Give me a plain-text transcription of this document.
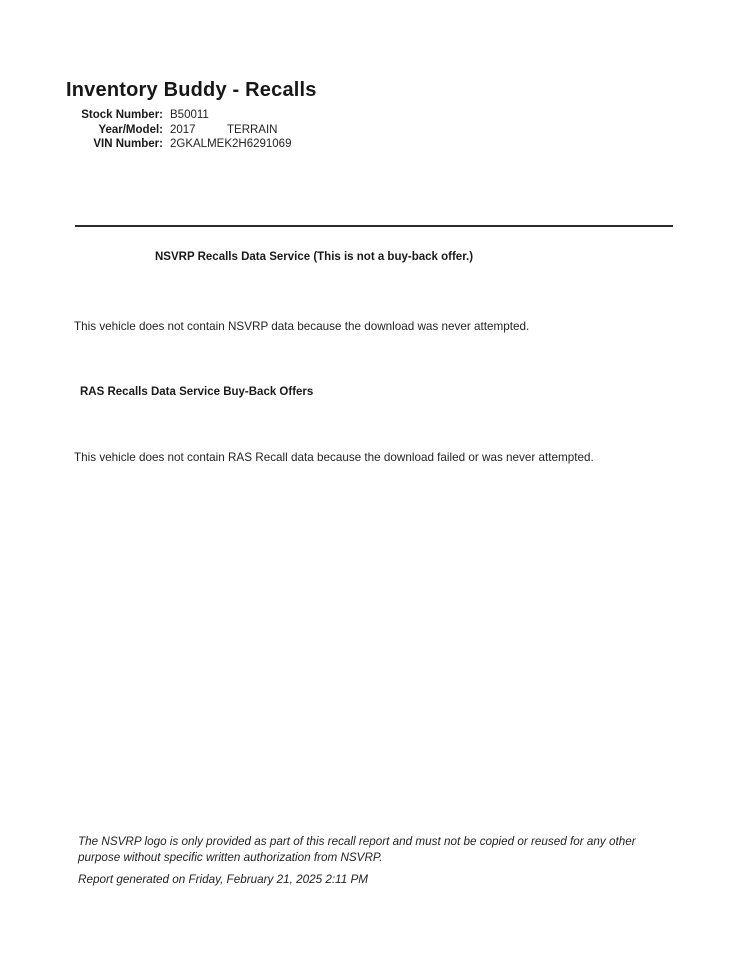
Inventory Buddy - Recalls
Stock Number: B50011
Year/Model: 2017	TERRAIN
VIN Number: 2GKALMEK2H6291069
NSVRP Recalls Data Service (This is not a buy-back offer.)

This vehicle does not contain NSVRP data because the download was never attempted.

RAS Recalls Data Service Buy-Back Offers

This vehicle does not contain RAS Recall data because the download failed or was never attempted.

The NSVRP logo is only provided as part of this recall report and must not be copied or reused for any other purpose without specific written authorization from NSVRP.

Report generated on Friday, February 21, 2025 2:11 PM
